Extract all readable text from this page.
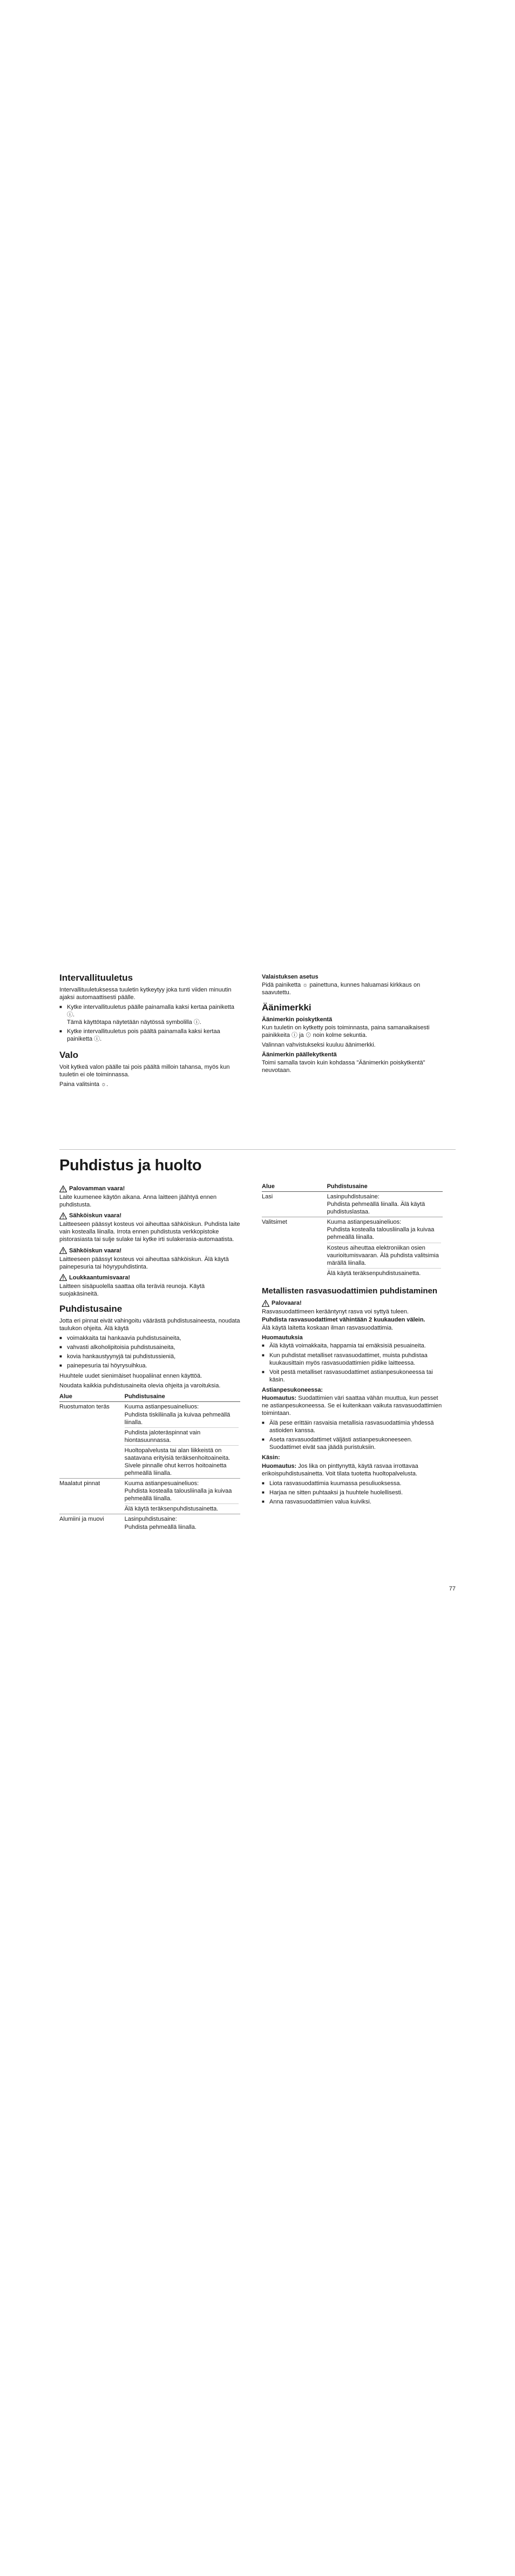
Intervallituuletus

Intervallituuletuksessa tuuletin kytkeytyy joka tunti viiden minuutin ajaksi automaattisesti päälle.

■ Kytke intervallituuletus päälle painamalla kaksi kertaa painiketta ⓘ.
Tämä käyttötapa näytetään näytössä symbolilla ⓘ.
■ Kytke intervallituuletus pois päältä painamalla kaksi kertaa painiketta ⓘ.
Valo

Voit kytkeä valon päälle tai pois päältä milloin tahansa, myös kun tuuletin ei ole toiminnassa.

Paina valitsinta ☼.

Valaistuksen asetus

Pidä painiketta ☼ painettuna, kunnes haluamasi kirkkaus on saavutettu.

Äänimerkki
Äänimerkin poiskytkentä

Kun tuuletin on kytketty pois toiminnasta, paina samanaikaisesti painikkeita ⓘ ja ⊙ noin kolme sekuntia.

Valinnan vahvistukseksi kuuluu äänimerkki.

Äänimerkin päällekytkentä

Toimi samalla tavoin kuin kohdassa "Äänimerkin poiskytkentä" neuvotaan.

Puhdistus ja huolto
Palovamman vaara!

Laite kuumenee käytön aikana. Anna laitteen jäähtyä ennen puhdistusta.

Sähköiskun vaara!

Laitteeseen päässyt kosteus voi aiheuttaa sähköiskun. Puhdista laite vain kostealla liinalla. Irrota ennen puhdistusta verkkopistoke pistorasiasta tai sulje sulake tai kytke irti sulakerasia-automaatista.

Sähköiskun vaara!

Laitteeseen päässyt kosteus voi aiheuttaa sähköiskun. Älä käytä painepesuria tai höyrypuhdistinta.

Loukkaantumisvaara!

Laitteen sisäpuolella saattaa olla teräviä reunoja. Käytä suojakäsineitä.

Puhdistusaine

Jotta eri pinnat eivät vahingoitu väärästä puhdistusaineesta, noudata taulukon ohjeita. Älä käytä

■ voimakkaita tai hankaavia puhdistusaineita,
■ vahvasti alkoholipitoisia puhdistusaineita,
■ kovia hankaustyynyjä tai puhdistussieniä,
■ painepesuria tai höyrysuihkua.

Huuhtele uudet sienimäiset huopaliinat ennen käyttöä.

Noudata kaikkia puhdistusaineita olevia ohjeita ja varoituksia.

Alue	Puhdistusaine
Ruostumaton teräs	Kuuma astianpesuaineliuos:
Puhdista tiskiliinalla ja kuivaa pehmeällä liinalla.
Puhdista jaloteräspinnat vain hiontasuunnassa.
Huoltopalvelusta tai alan liikkeistä on saatavana erityisiä teräksenhoitoaineita. Sivele pinnalle ohut kerros hoitoainetta pehmeällä liinalla.

Maalatut pinnat	Kuuma astianpesuaineliuos:
Puhdista kostealla talousliinalla ja kuivaa pehmeällä liinalla.
Älä käytä teräksenpuhdistusainetta.

Alumiini ja muovi	Lasinpuhdistusaine:
Puhdista pehmeällä liinalla.
Alue	Puhdistusaine
Lasi	Lasinpuhdistusaine:
Puhdista pehmeällä liinalla. Älä käytä puhdistuslastaa.

Valitsimet	Kuuma astianpesuaineliuos:
Puhdista kostealla talousliinalla ja kuivaa pehmeällä liinalla.
Kosteus aiheuttaa elektroniikan osien vaurioitumisvaaran. Älä puhdista valitsimia märällä liinalla.
Älä käytä teräksenpuhdistusainetta.
Metallisten rasvasuodattimien puhdistaminen
Palovaara!

Rasvasuodattimeen kerääntynyt rasva voi syttyä tuleen.

Puhdista rasvasuodattimet vähintään 2 kuukauden välein.

Älä käytä laitetta koskaan ilman rasvasuodattimia.

Huomautuksia
■ Älä käytä voimakkaita, happamia tai emäksisiä pesuaineita.
■ Kun puhdistat metalliset rasvasuodattimet, muista puhdistaa kuukausittain myös rasvasuodattimien pidike laitteessa.
■ Voit pestä metalliset rasvasuodattimet astianpesukoneessa tai käsin.
Astianpesukoneessa:

Huomautus: Suodattimien väri saattaa vähän muuttua, kun pesset ne astianpesukoneessa. Se ei kuitenkaan vaikuta rasvasuodattimien toimintaan.

■ Älä pese erittäin rasvaisia metallisia rasvasuodattimia yhdessä astioiden kanssa.
■ Aseta rasvasuodattimet väljästi astianpesukoneeseen. Suodattimet eivät saa jäädä puristuksiin.
Käsin:

Huomautus: Jos lika on pinttynyttä, käytä rasvaa irrottavaa erikoispuhdistusainetta. Voit tilata tuotetta huoltopalvelusta.

■ Liota rasvasuodattimia kuumassa pesuliuoksessa.
■ Harjaa ne sitten puhtaaksi ja huuhtele huolellisesti.
■ Anna rasvasuodattimien valua kuiviksi.
77
